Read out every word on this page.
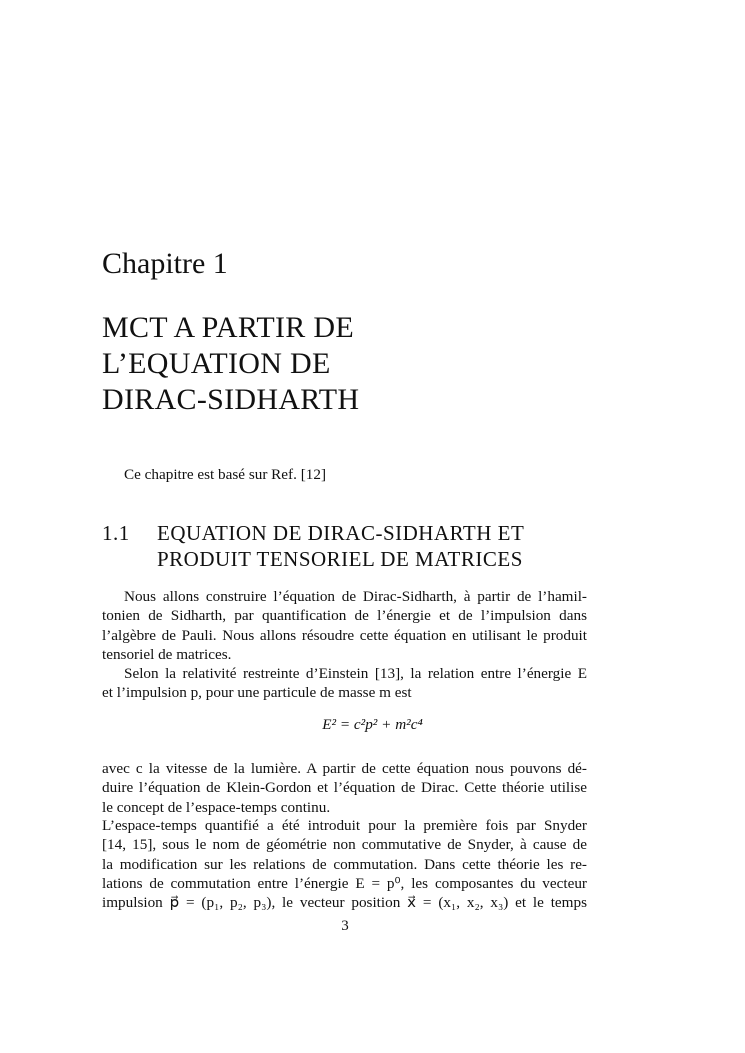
Chapitre 1
MCT A PARTIR DE
L’EQUATION DE
DIRAC-SIDHARTH
Ce chapitre est basé sur Ref. [12]
1.1 EQUATION DE DIRAC-SIDHARTH ET
PRODUIT TENSORIEL DE MATRICES
Nous allons construire l’équation de Dirac-Sidharth, à partir de l’hamil-
tonien de Sidharth, par quantification de l’énergie et de l’impulsion dans
l’algèbre de Pauli. Nous allons résoudre cette équation en utilisant le produit
tensoriel de matrices.
Selon la relativité restreinte d’Einstein [13], la relation entre l’énergie E
et l’impulsion p, pour une particule de masse m est
E² = c²p² + m²c⁴
avec c la vitesse de la lumière. A partir de cette équation nous pouvons dé-
duire l’équation de Klein-Gordon et l’équation de Dirac. Cette théorie utilise
le concept de l’espace-temps continu.
L’espace-temps quantifié a été introduit pour la première fois par Snyder
[14, 15], sous le nom de géométrie non commutative de Snyder, à cause de
la modification sur les relations de commutation. Dans cette théorie les re-
lations de commutation entre l’énergie E = p⁰, les composantes du vecteur
impulsion p⃗ = (p₁, p₂, p₃), le vecteur position x⃗ = (x₁, x₂, x₃) et le temps
3
